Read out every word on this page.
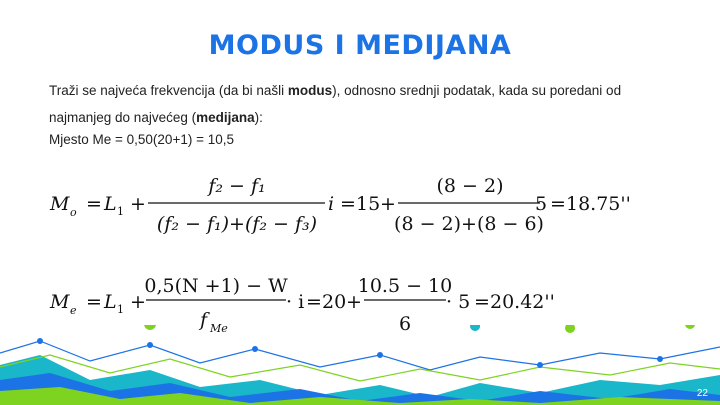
MODUS I MEDIJANA
Traži se najveća frekvencija (da bi našli modus), odnosno srednji podatak, kada su poredani od
najmanjeg do najvećeg (medijana):
Mjesto Me = 0,50(20+1) = 10,5
M o = L 1 +
f₂ − f₁
(f₂ − f₁)+(f₂ − f₃)
i = 15 +
(8 − 2)
(8 − 2)+(8 − 6)
5 = 18.75''
M e = L 1 +
0,5(N +1) − W
f Me
· i = 20 +
10.5 − 10
6
· 5 = 20.42''
22
